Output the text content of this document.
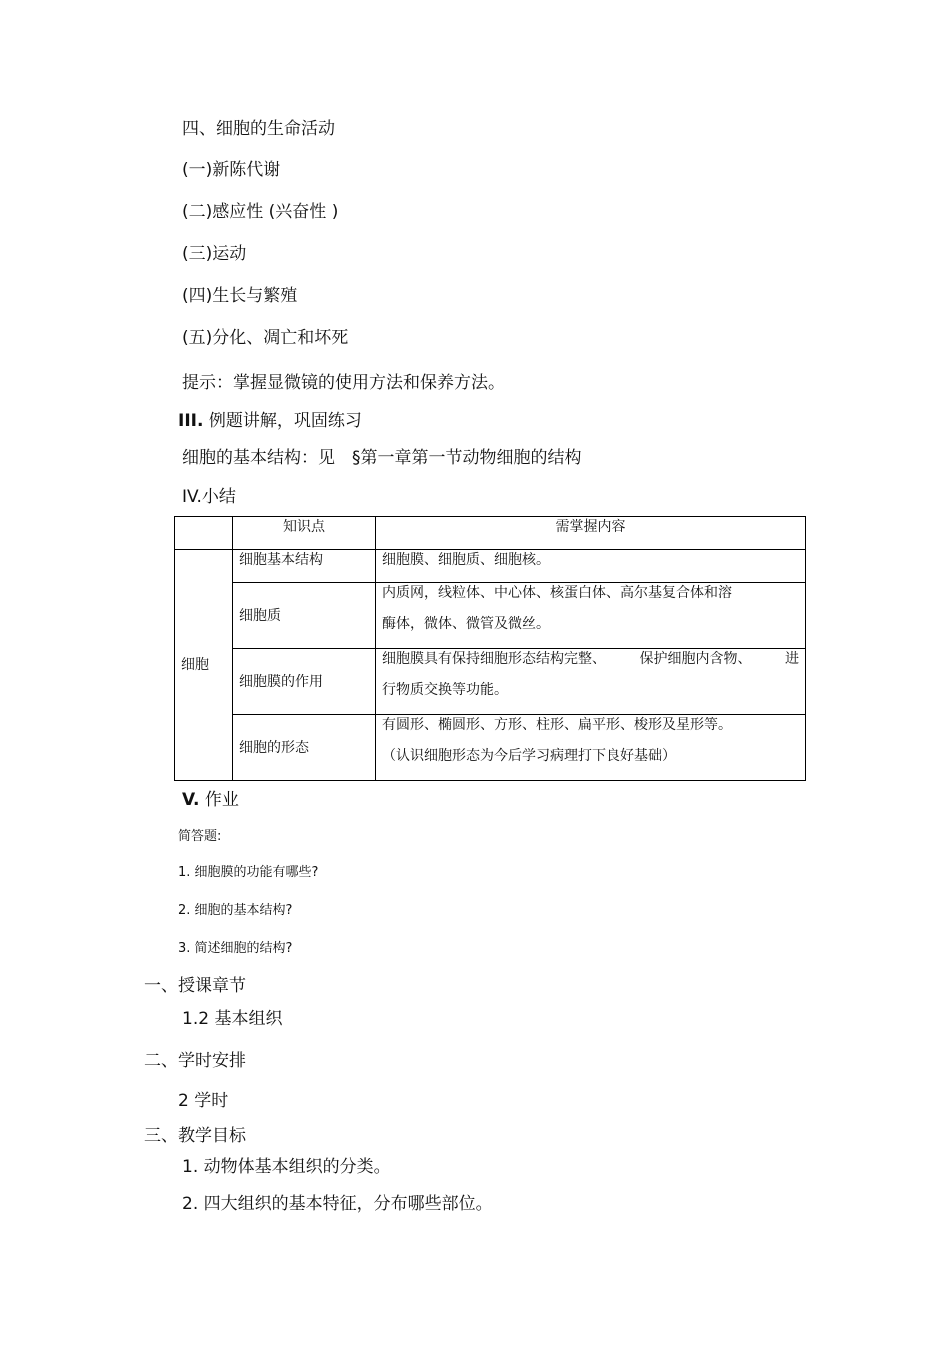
四、细胞的生命活动
(一)新陈代谢
(二)感应性 (兴奋性 )
(三)运动
(四)生长与繁殖
(五)分化、凋亡和坏死
提示：掌握显微镜的使用方法和保养方法。
III. 例题讲解，巩固练习
细胞的基本结构：见　§第一章第一节动物细胞的结构
IV.小结

	知识点	需掌握内容

细胞	细胞基本结构	细胞膜、细胞质、细胞核。

	细胞质	内质网，线粒体、中心体、核蛋白体、高尔基复合体和溶
酶体，微体、微管及微丝。

	细胞膜的作用	细胞膜具有保持细胞形态结构完整、 保护细胞内含物、 进
行物质交换等功能。

	细胞的形态	有圆形、椭圆形、方形、柱形、扁平形、梭形及星形等。
（认识细胞形态为今后学习病理打下良好基础）
V. 作业
简答题:
1. 细胞膜的功能有哪些?
2. 细胞的基本结构?
3. 简述细胞的结构?
一、授课章节
1.2 基本组织
二、学时安排
2 学时
三、教学目标
1. 动物体基本组织的分类。
2. 四大组织的基本特征，分布哪些部位。
